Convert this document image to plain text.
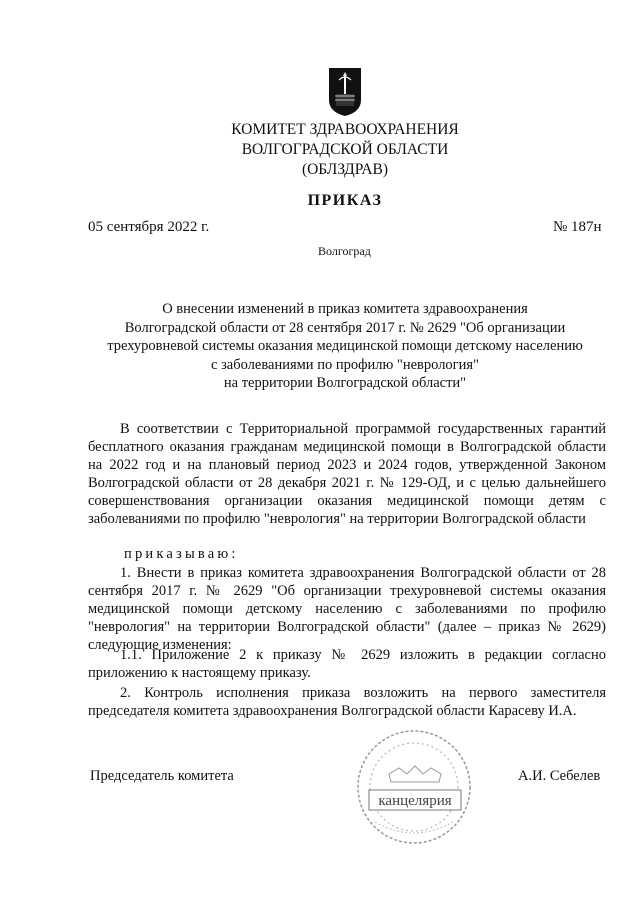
КОМИТЕТ ЗДРАВООХРАНЕНИЯ
ВОЛГОГРАДСКОЙ ОБЛАСТИ
(ОБЛЗДРАВ)
ПРИКАЗ
05 сентября 2022 г.	№ 187н
Волгоград
О внесении изменений в приказ комитета здравоохранения
Волгоградской области от 28 сентября 2017 г. № 2629 "Об организации
трехуровневой системы оказания медицинской помощи детскому населению
с заболеваниями по профилю "неврология"
на территории Волгоградской области"
В соответствии с Территориальной программой государственных гарантий бесплатного оказания гражданам медицинской помощи в Волгоградской области на 2022 год и на плановый период 2023 и 2024 годов, утвержденной Законом Волгоградской области от 28 декабря 2021 г. № 129-ОД, и с целью дальнейшего совершенствования организации оказания медицинской помощи детям с заболеваниями по профилю "неврология" на территории Волгоградской области
приказываю:
1. Внести в приказ комитета здравоохранения Волгоградской области от 28 сентября 2017 г. № 2629 "Об организации трехуровневой системы оказания медицинской помощи детскому населению с заболеваниями по профилю "неврология" на территории Волгоградской области" (далее – приказ № 2629) следующие изменения:
1.1. Приложение 2 к приказу № 2629 изложить в редакции согласно приложению к настоящему приказу.
2. Контроль исполнения приказа возложить на первого заместителя председателя комитета здравоохранения Волгоградской области Карасеву И.А.
Председатель комитета	А.И. Себелев
канцелярия
